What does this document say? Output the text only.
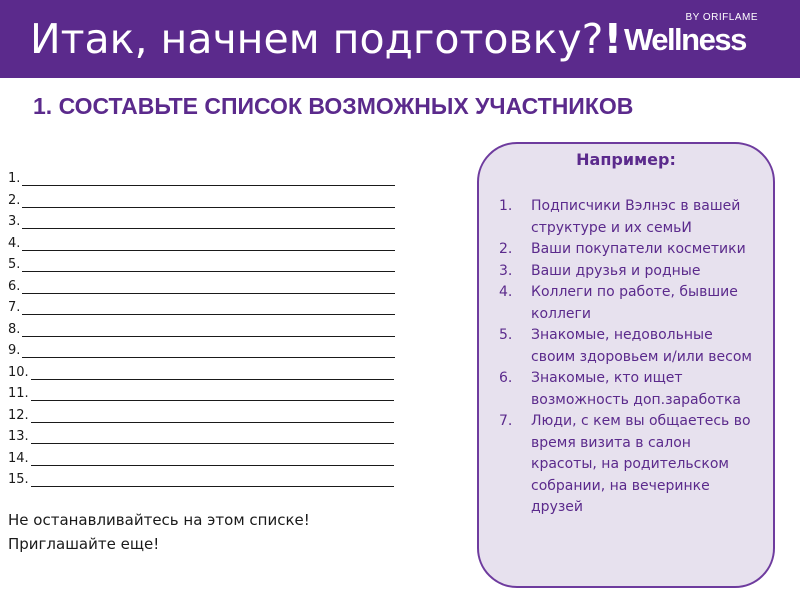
Итак, начнем подготовку?!	BY ORIFLAME
Wellness
1. СОСТАВЬТЕ СПИСОК ВОЗМОЖНЫХ УЧАСТНИКОВ
1.
2.
3.
4.
5.
6.
7.
8.
9.
10.
11.
12.
13.
14.
15.
Не останавливайтесь на этом списке!
Приглашайте еще!
Например:
1.	Подписчики Вэлнэс в вашей структуре и их семьИ
2.	Ваши покупатели косметики
3.	Ваши друзья и родные
4.	Коллеги по работе, бывшие коллеги
5.	Знакомые, недовольные своим здоровьем и/или весом
6.	Знакомые, кто ищет возможность доп.заработка
7.	Люди, с кем вы общаетесь во время визита в салон красоты, на родительском собрании, на вечеринке друзей
